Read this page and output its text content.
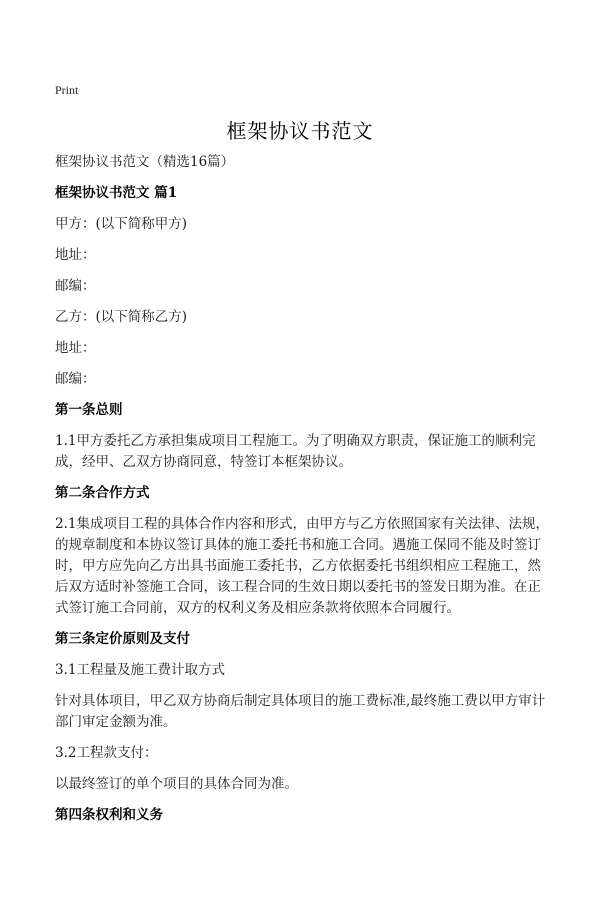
Print
框架协议书范文
框架协议书范文（精选16篇）
框架协议书范文 篇1
甲方：(以下简称甲方)
地址：
邮编：
乙方：(以下简称乙方)
地址：
邮编：
第一条总则
1.1甲方委托乙方承担集成项目工程施工。为了明确双方职责，保证施工的顺利完成，经甲、乙双方协商同意，特签订本框架协议。
第二条合作方式
2.1集成项目工程的具体合作内容和形式，由甲方与乙方依照国家有关法律、法规，的规章制度和本协议签订具体的施工委托书和施工合同。遇施工保同不能及时签订时，甲方应先向乙方出具书面施工委托书，乙方依据委托书组织相应工程施工，然后双方适时补签施工合同，该工程合同的生效日期以委托书的签发日期为准。在正式签订施工合同前，双方的权利义务及相应条款将依照本合同履行。
第三条定价原则及支付
3.1工程量及施工费计取方式
针对具体项目，甲乙双方协商后制定具体项目的施工费标准,最终施工费以甲方审计部门审定金额为准。
3.2工程款支付：
以最终签订的单个项目的具体合同为准。
第四条权利和义务
